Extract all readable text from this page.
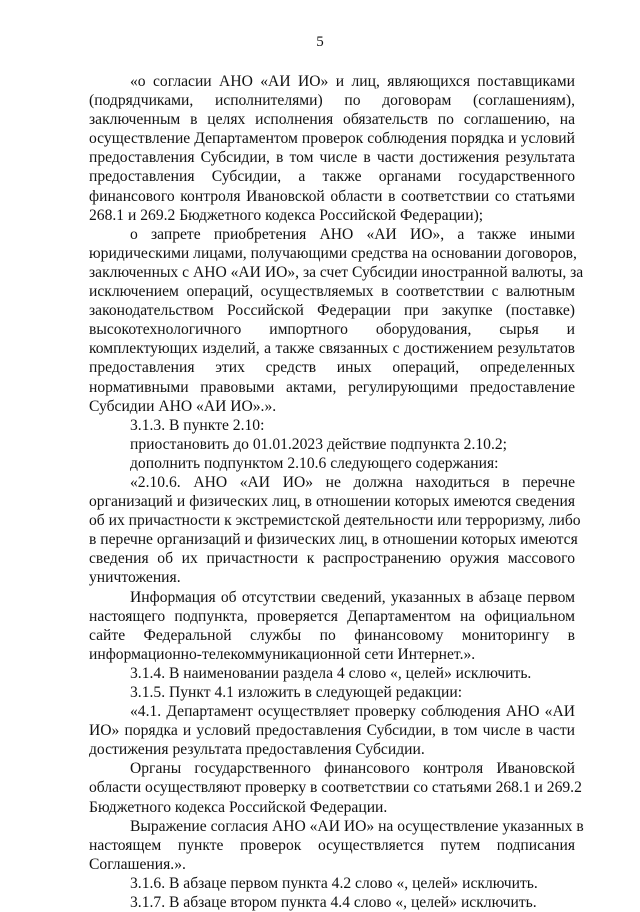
5
«о согласии АНО «АИ ИО» и лиц, являющихся поставщиками
(подрядчиками, исполнителями) по договорам (соглашениям),
заключенным в целях исполнения обязательств по соглашению, на
осуществление Департаментом проверок соблюдения порядка и условий
предоставления Субсидии, в том числе в части достижения результата
предоставления Субсидии, а также органами государственного
финансового контроля Ивановской области в соответствии со статьями
268.1 и 269.2 Бюджетного кодекса Российской Федерации);
о запрете приобретения АНО «АИ ИО», а также иными
юридическими лицами, получающими средства на основании договоров,
заключенных с АНО «АИ ИО», за счет Субсидии иностранной валюты, за
исключением операций, осуществляемых в соответствии с валютным
законодательством Российской Федерации при закупке (поставке)
высокотехнологичного импортного оборудования, сырья и
комплектующих изделий, а также связанных с достижением результатов
предоставления этих средств иных операций, определенных
нормативными правовыми актами, регулирующими предоставление
Субсидии АНО «АИ ИО».».
3.1.3. В пункте 2.10:
приостановить до 01.01.2023 действие подпункта 2.10.2;
дополнить подпунктом 2.10.6 следующего содержания:
«2.10.6. АНО «АИ ИО» не должна находиться в перечне
организаций и физических лиц, в отношении которых имеются сведения
об их причастности к экстремистской деятельности или терроризму, либо
в перечне организаций и физических лиц, в отношении которых имеются
сведения об их причастности к распространению оружия массового
уничтожения.
Информация об отсутствии сведений, указанных в абзаце первом
настоящего подпункта, проверяется Департаментом на официальном
сайте Федеральной службы по финансовому мониторингу в
информационно-телекоммуникационной сети Интернет.».
3.1.4. В наименовании раздела 4 слово «, целей» исключить.
3.1.5. Пункт 4.1 изложить в следующей редакции:
«4.1. Департамент осуществляет проверку соблюдения АНО «АИ
ИО» порядка и условий предоставления Субсидии, в том числе в части
достижения результата предоставления Субсидии.
Органы государственного финансового контроля Ивановской
области осуществляют проверку в соответствии со статьями 268.1 и 269.2
Бюджетного кодекса Российской Федерации.
Выражение согласия АНО «АИ ИО» на осуществление указанных в
настоящем пункте проверок осуществляется путем подписания
Соглашения.».
3.1.6. В абзаце первом пункта 4.2 слово «, целей» исключить.
3.1.7. В абзаце втором пункта 4.4 слово «, целей» исключить.
